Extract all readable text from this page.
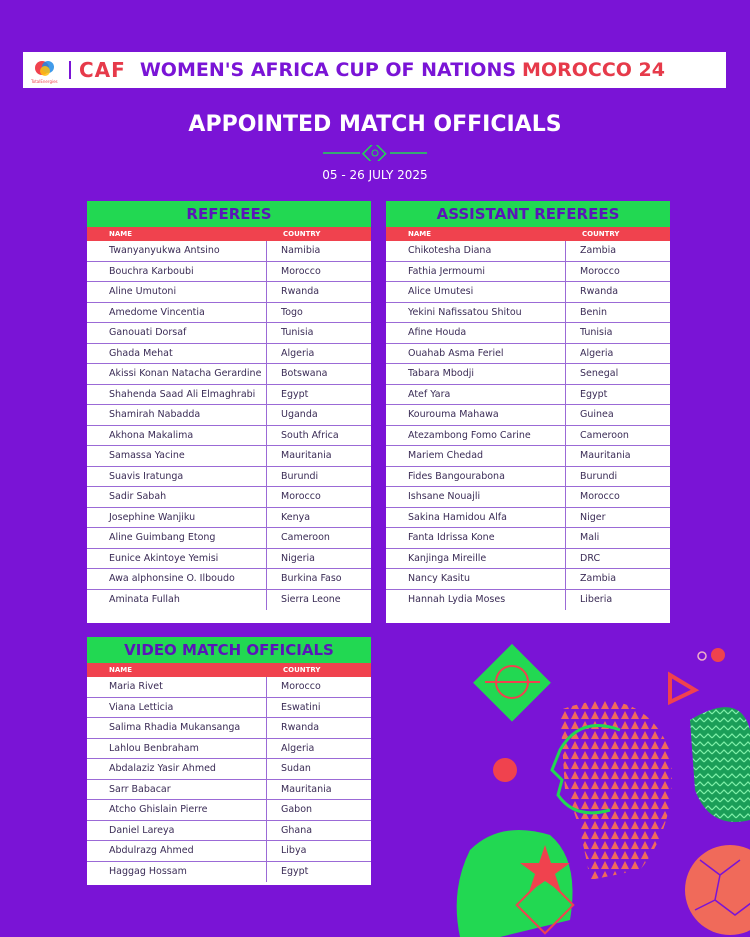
TotalEnergies CAF WOMEN'S AFRICA CUP OF NATIONS MOROCCO 24
APPOINTED MATCH OFFICIALS
05 - 26 JULY 2025
REFEREES
NAME	COUNTRY
Twanyanyukwa Antsino	Namibia
Bouchra Karboubi	Morocco
Aline Umutoni	Rwanda
Amedome Vincentia	Togo
Ganouati Dorsaf	Tunisia
Ghada Mehat	Algeria
Akissi Konan Natacha Gerardine	Botswana
Shahenda Saad Ali Elmaghrabi	Egypt
Shamirah Nabadda	Uganda
Akhona Makalima	South Africa
Samassa Yacine	Mauritania
Suavis Iratunga	Burundi
Sadir Sabah	Morocco
Josephine Wanjiku	Kenya
Aline Guimbang Etong	Cameroon
Eunice Akintoye Yemisi	Nigeria
Awa alphonsine O. Ilboudo	Burkina Faso
Aminata Fullah	Sierra Leone
ASSISTANT REFEREES
NAME	COUNTRY
Chikotesha Diana	Zambia
Fathia Jermoumi	Morocco
Alice Umutesi	Rwanda
Yekini Nafissatou Shitou	Benin
Afine Houda	Tunisia
Ouahab Asma Feriel	Algeria
Tabara Mbodji	Senegal
Atef Yara	Egypt
Kourouma Mahawa	Guinea
Atezambong Fomo Carine	Cameroon
Mariem Chedad	Mauritania
Fides Bangourabona	Burundi
Ishsane Nouajli	Morocco
Sakina Hamidou Alfa	Niger
Fanta Idrissa Kone	Mali
Kanjinga Mireille	DRC
Nancy Kasitu	Zambia
Hannah Lydia Moses	Liberia
VIDEO MATCH OFFICIALS
NAME	COUNTRY
Maria Rivet	Morocco
Viana Letticia	Eswatini
Salima Rhadia Mukansanga	Rwanda
Lahlou Benbraham	Algeria
Abdalaziz Yasir Ahmed	Sudan
Sarr Babacar	Mauritania
Atcho Ghislain Pierre	Gabon
Daniel Lareya	Ghana
Abdulrazg Ahmed	Libya
Haggag Hossam	Egypt
